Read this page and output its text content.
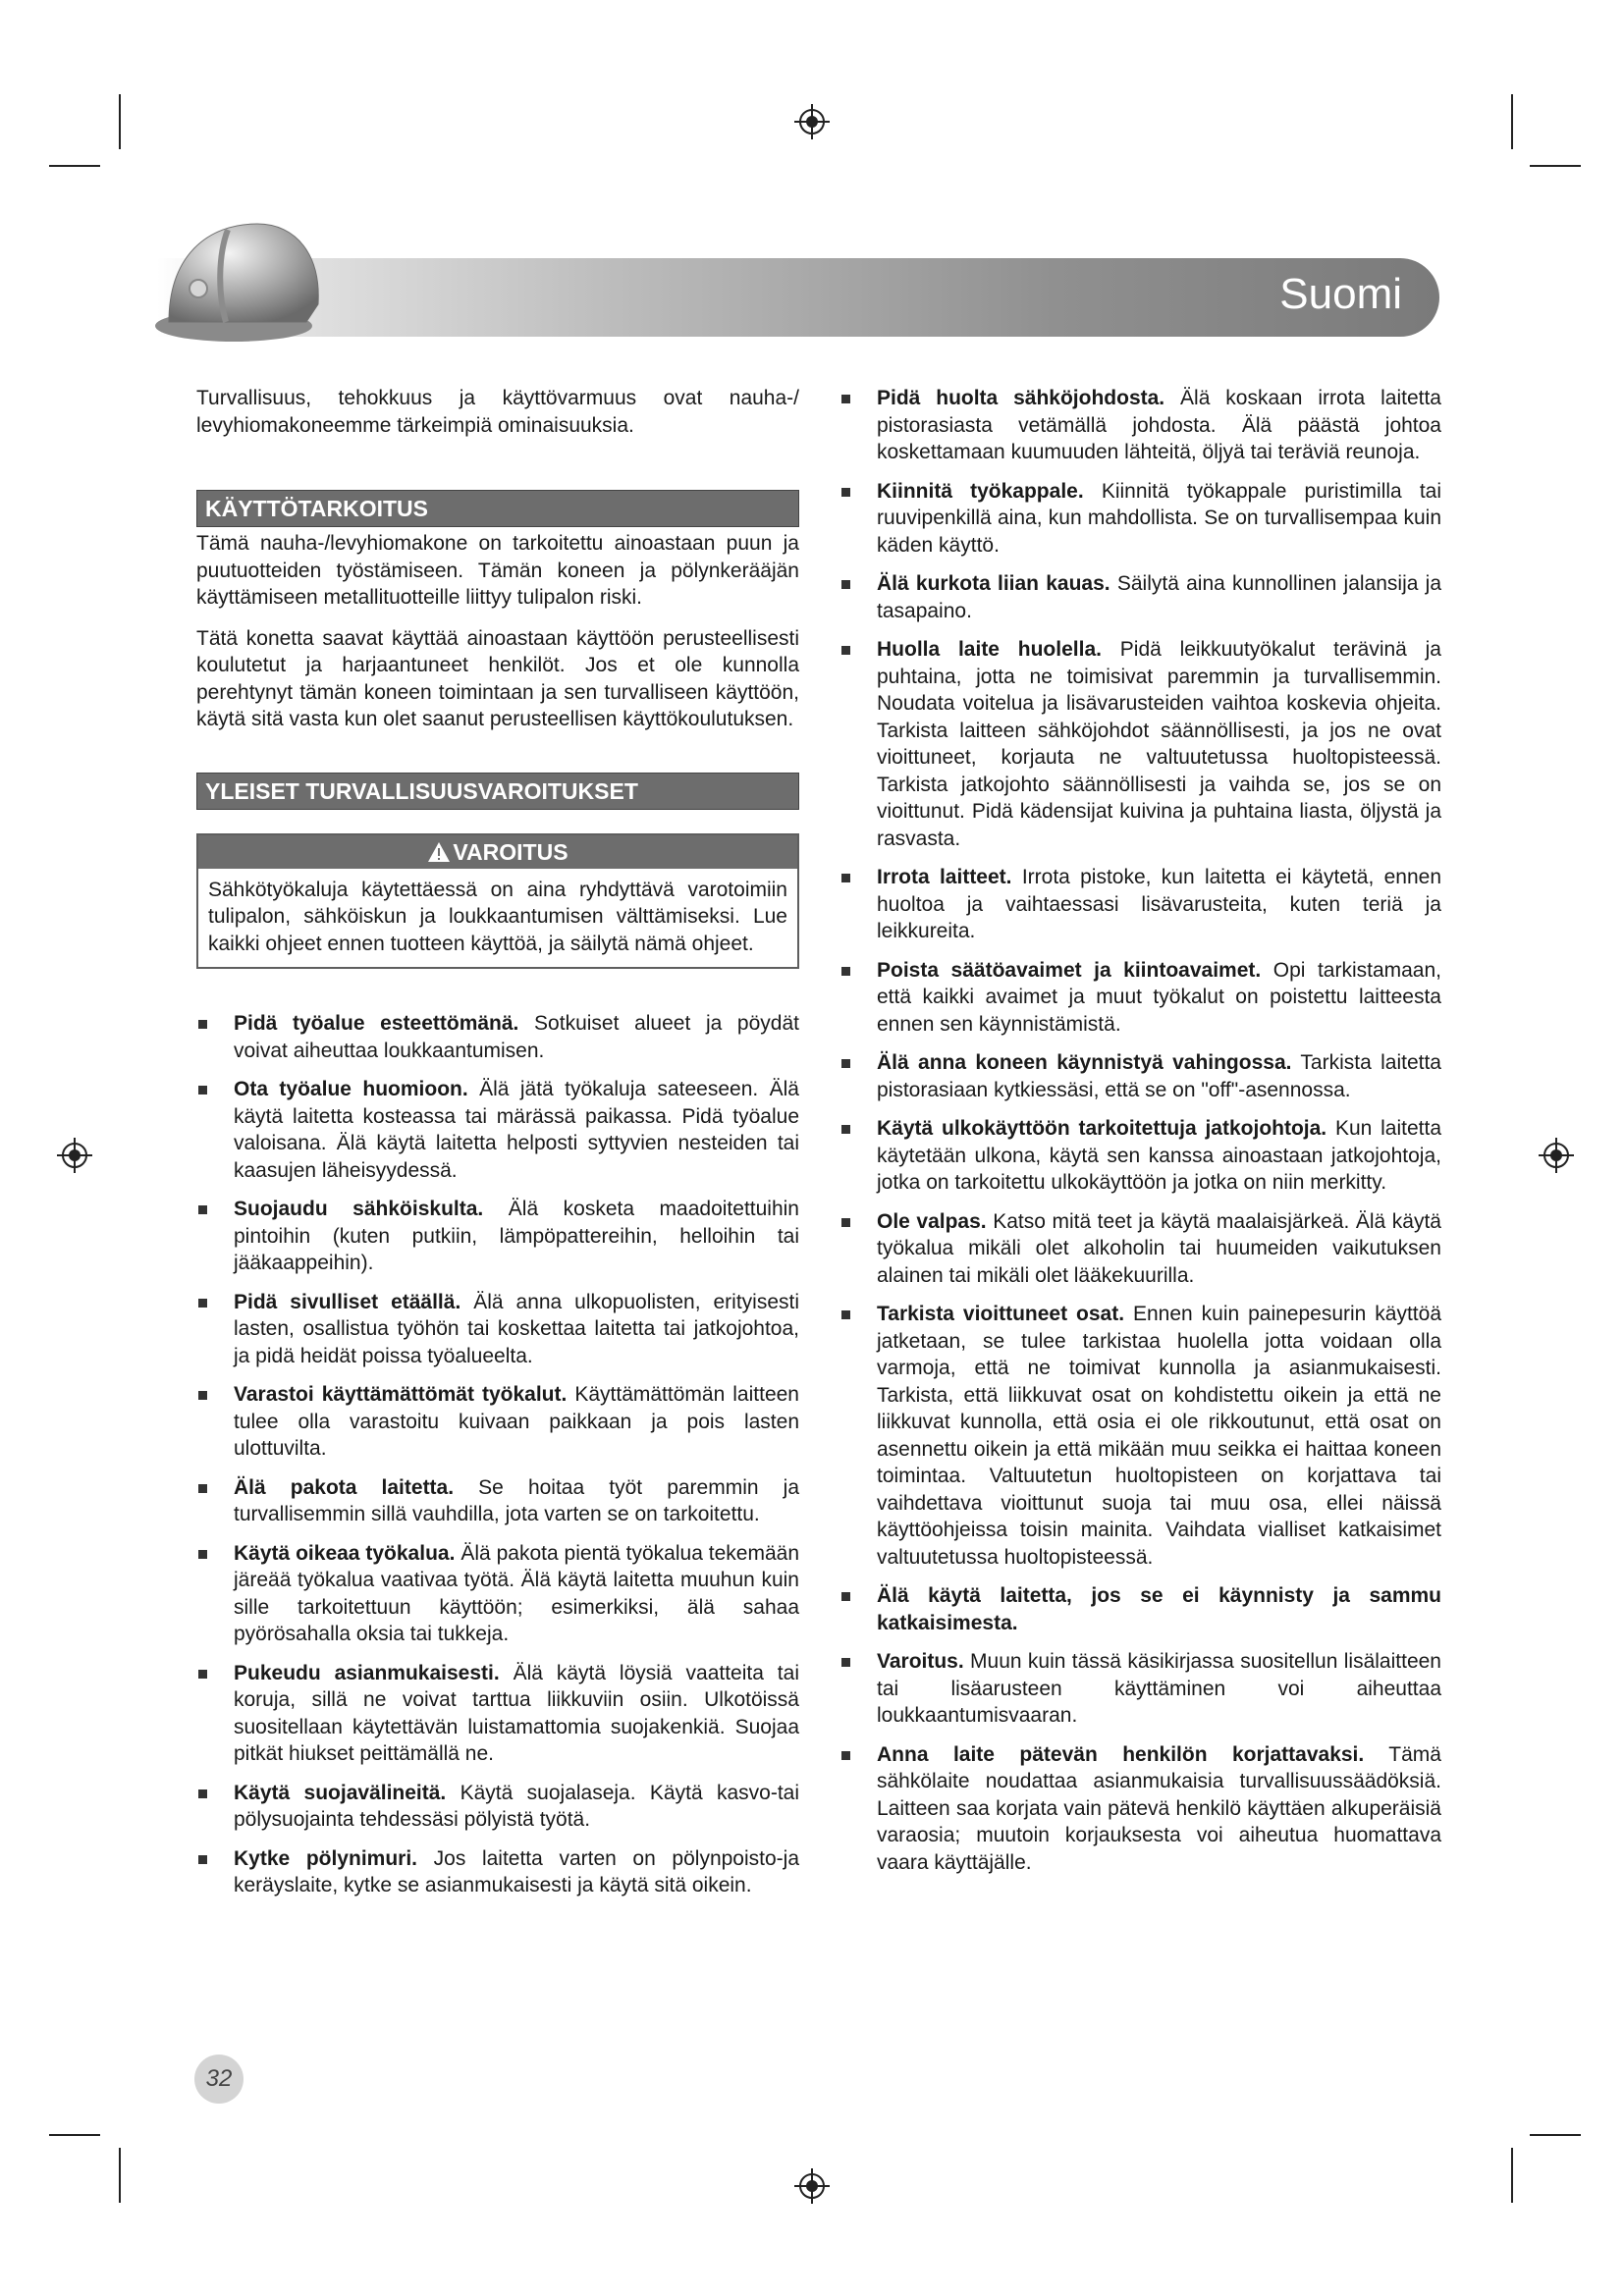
Suomi

Turvallisuus, tehokkuus ja käyttövarmuus ovat nauha-/ levyhiomakoneemme tärkeimpiä ominaisuuksia.

KÄYTTÖTARKOITUS

Tämä nauha-/levyhiomakone on tarkoitettu ainoastaan puun ja puutuotteiden työstämiseen. Tämän koneen ja pölynkerääjän käyttämiseen metallituotteille liittyy tulipalon riski.

Tätä konetta saavat käyttää ainoastaan käyttöön perusteellisesti koulutetut ja harjaantuneet henkilöt. Jos et ole kunnolla perehtynyt tämän koneen toimintaan ja sen turvalliseen käyttöön, käytä sitä vasta kun olet saanut perusteellisen käyttökoulutuksen.

YLEISET TURVALLISUUSVAROITUKSET
VAROITUS
Sähkötyökaluja käytettäessä on aina ryhdyttävä varotoimiin tulipalon, sähköiskun ja loukkaantumisen välttämiseksi. Lue kaikki ohjeet ennen tuotteen käyttöä, ja säilytä nämä ohjeet.
Pidä työalue esteettömänä. Sotkuiset alueet ja pöydät voivat aiheuttaa loukkaantumisen.
Ota työalue huomioon. Älä jätä työkaluja sateeseen. Älä käytä laitetta kosteassa tai märässä paikassa. Pidä työalue valoisana. Älä käytä laitetta helposti syttyvien nesteiden tai kaasujen läheisyydessä.
Suojaudu sähköiskulta. Älä kosketa maadoitettuihin pintoihin (kuten putkiin, lämpöpattereihin, helloihin tai jääkaappeihin).
Pidä sivulliset etäällä. Älä anna ulkopuolisten, erityisesti lasten, osallistua työhön tai koskettaa laitetta tai jatkojohtoa, ja pidä heidät poissa työalueelta.
Varastoi käyttämättömät työkalut. Käyttämättömän laitteen tulee olla varastoitu kuivaan paikkaan ja pois lasten ulottuvilta.
Älä pakota laitetta. Se hoitaa työt paremmin ja turvallisemmin sillä vauhdilla, jota varten se on tarkoitettu.
Käytä oikeaa työkalua. Älä pakota pientä työkalua tekemään järeää työkalua vaativaa työtä. Älä käytä laitetta muuhun kuin sille tarkoitettuun käyttöön; esimerkiksi, älä sahaa pyörösahalla oksia tai tukkeja.
Pukeudu asianmukaisesti. Älä käytä löysiä vaatteita tai koruja, sillä ne voivat tarttua liikkuviin osiin. Ulkotöissä suositellaan käytettävän luistamattomia suojakenkiä. Suojaa pitkät hiukset peittämällä ne.
Käytä suojavälineitä. Käytä suojalaseja. Käytä kasvo-tai pölysuojainta tehdessäsi pölyistä työtä.
Kytke pölynimuri. Jos laitetta varten on pölynpoisto-ja keräyslaite, kytke se asianmukaisesti ja käytä sitä oikein.
Pidä huolta sähköjohdosta. Älä koskaan irrota laitetta pistorasiasta vetämällä johdosta. Älä päästä johtoa koskettamaan kuumuuden lähteitä, öljyä tai teräviä reunoja.
Kiinnitä työkappale. Kiinnitä työkappale puristimilla tai ruuvipenkillä aina, kun mahdollista. Se on turvallisempaa kuin käden käyttö.
Älä kurkota liian kauas. Säilytä aina kunnollinen jalansija ja tasapaino.
Huolla laite huolella. Pidä leikkuutyökalut terävinä ja puhtaina, jotta ne toimisivat paremmin ja turvallisemmin. Noudata voitelua ja lisävarusteiden vaihtoa koskevia ohjeita. Tarkista laitteen sähköjohdot säännöllisesti, ja jos ne ovat vioittuneet, korjauta ne valtuutetussa huoltopisteessä. Tarkista jatkojohto säännöllisesti ja vaihda se, jos se on vioittunut. Pidä kädensijat kuivina ja puhtaina liasta, öljystä ja rasvasta.
Irrota laitteet. Irrota pistoke, kun laitetta ei käytetä, ennen huoltoa ja vaihtaessasi lisävarusteita, kuten teriä ja leikkureita.
Poista säätöavaimet ja kiintoavaimet. Opi tarkistamaan, että kaikki avaimet ja muut työkalut on poistettu laitteesta ennen sen käynnistämistä.
Älä anna koneen käynnistyä vahingossa. Tarkista laitetta pistorasiaan kytkiessäsi, että se on "off"-asennossa.
Käytä ulkokäyttöön tarkoitettuja jatkojohtoja. Kun laitetta käytetään ulkona, käytä sen kanssa ainoastaan jatkojohtoja, jotka on tarkoitettu ulkokäyttöön ja jotka on niin merkitty.
Ole valpas. Katso mitä teet ja käytä maalaisjärkeä. Älä käytä työkalua mikäli olet alkoholin tai huumeiden vaikutuksen alainen tai mikäli olet lääkekuurilla.
Tarkista vioittuneet osat. Ennen kuin painepesurin käyttöä jatketaan, se tulee tarkistaa huolella jotta voidaan olla varmoja, että ne toimivat kunnolla ja asianmukaisesti. Tarkista, että liikkuvat osat on kohdistettu oikein ja että ne liikkuvat kunnolla, että osia ei ole rikkoutunut, että osat on asennettu oikein ja että mikään muu seikka ei haittaa koneen toimintaa. Valtuutetun huoltopisteen on korjattava tai vaihdettava vioittunut suoja tai muu osa, ellei näissä käyttöohjeissa toisin mainita. Vaihdata vialliset katkaisimet valtuutetussa huoltopisteessä.
Älä käytä laitetta, jos se ei käynnisty ja sammu katkaisimesta.
Varoitus. Muun kuin tässä käsikirjassa suositellun lisälaitteen tai lisäarusteen käyttäminen voi aiheuttaa loukkaantumisvaaran.
Anna laite pätevän henkilön korjattavaksi. Tämä sähkölaite noudattaa asianmukaisia turvallisuussäädöksiä. Laitteen saa korjata vain pätevä henkilö käyttäen alkuperäisiä varaosia; muutoin korjauksesta voi aiheutua huomattava vaara käyttäjälle.
32
